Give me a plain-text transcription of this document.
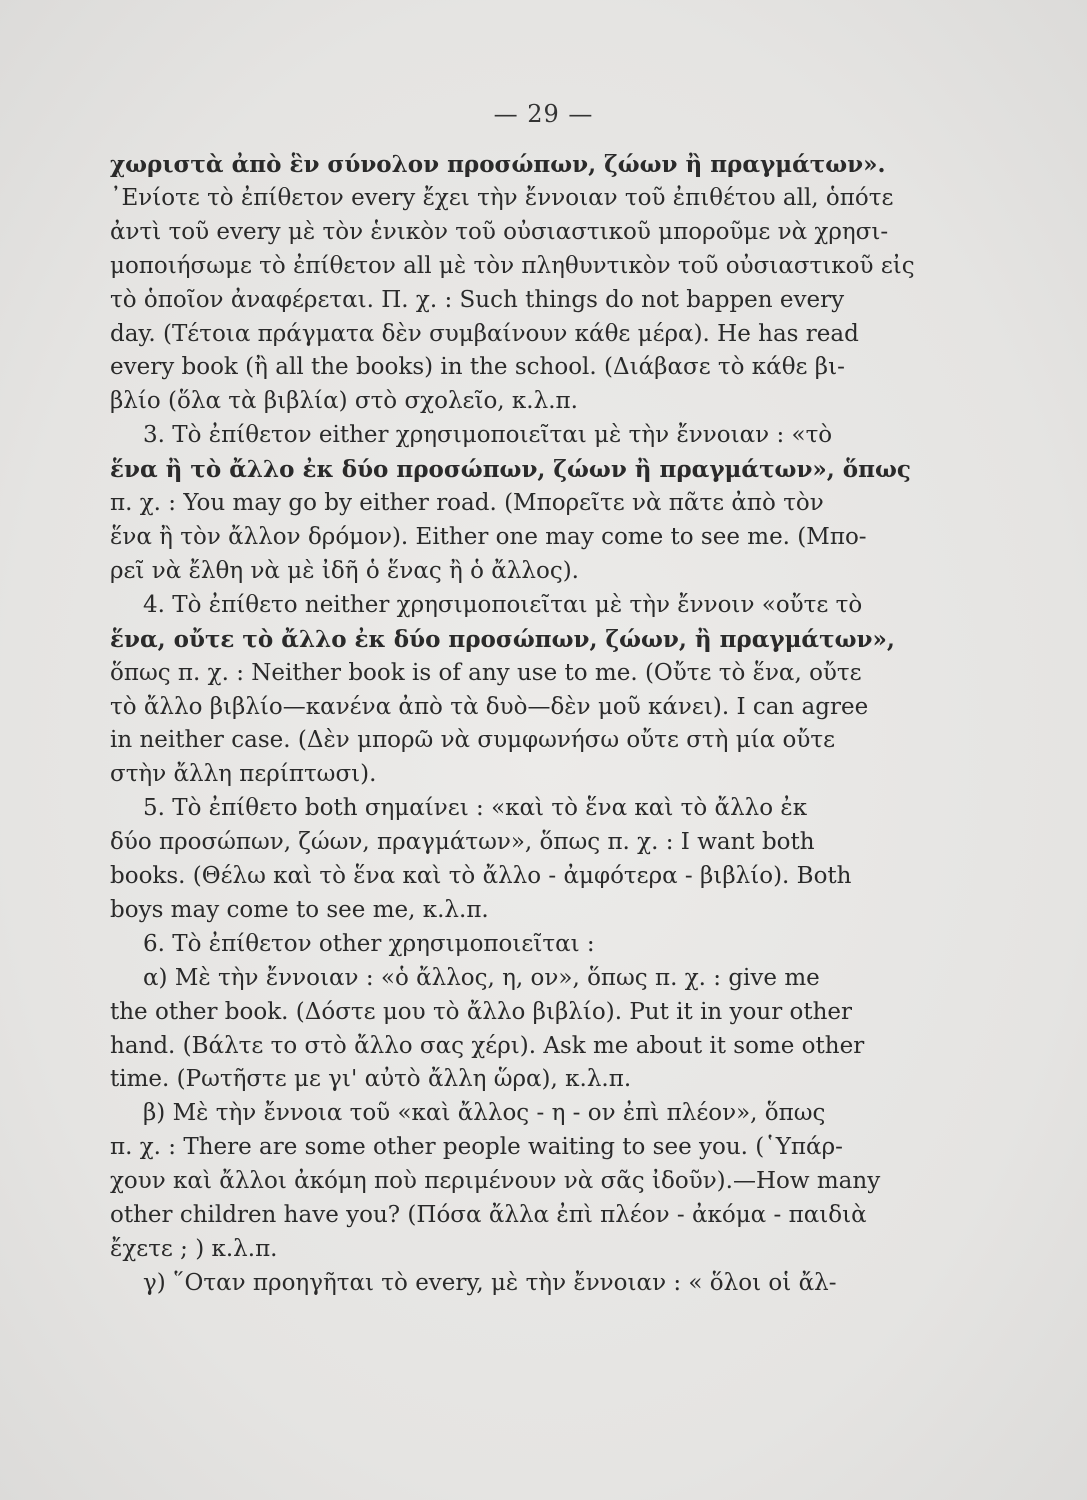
— 29 —

χωριστὰ ἀπὸ ἓν σύνολον προσώπων, ζώων ἢ πραγμάτων».

᾿Ενίοτε τὸ ἐπίθετον every ἔχει τὴν ἔννοιαν τοῦ ἐπιθέτου all, ὁπότε

ἀντὶ τοῦ every μὲ τὸν ἑνικὸν τοῦ οὐσιαστικοῦ μποροῦμε νὰ χρησι-

μοποιήσωμε τὸ ἐπίθετον all μὲ τὸν πληθυντικὸν τοῦ οὐσιαστικοῦ εἰς

τὸ ὁποῖον ἀναφέρεται. Π. χ. : Such things do not bappen every

day. (Τέτοια πράγματα δὲν συμβαίνουν κάθε μέρα). He has read

every book (ἢ all the books) in the school. (Διάβασε τὸ κάθε βι-

βλίο (ὅλα τὰ βιβλία) στὸ σχολεῖο, κ.λ.π.

3. Τὸ ἐπίθετον either χρησιμοποιεῖται μὲ τὴν ἔννοιαν : «τὸ

ἕνα ἢ τὸ ἄλλο ἐκ δύο προσώπων, ζώων ἢ πραγμάτων», ὅπως

π. χ. : You may go by either road. (Μπορεῖτε νὰ πᾶτε ἀπὸ τὸν

ἕνα ἢ τὸν ἄλλον δρόμον). Either one may come to see me. (Μπο-

ρεῖ νὰ ἔλθη νὰ μὲ ἰδῆ ὁ ἕνας ἢ ὁ ἄλλος).

4. Τὸ ἐπίθετο neither χρησιμοποιεῖται μὲ τὴν ἔννοιν «οὔτε τὸ

ἕνα, οὔτε τὸ ἄλλο ἐκ δύο προσώπων, ζώων, ἢ πραγμάτων»,

ὅπως π. χ. : Neither book is of any use to me. (Οὔτε τὸ ἕνα, οὔτε

τὸ ἄλλο βιβλίο—κανένα ἀπὸ τὰ δυὸ—δὲν μοῦ κάνει). I can agree

in neither case. (Δὲν μπορῶ νὰ συμφωνήσω οὔτε στὴ μία οὔτε

στὴν ἄλλη περίπτωσι).

5. Τὸ ἐπίθετο both σημαίνει : «καὶ τὸ ἕνα καὶ τὸ ἄλλο ἐκ

δύο προσώπων, ζώων, πραγμάτων», ὅπως π. χ. : I want both

books. (Θέλω καὶ τὸ ἕνα καὶ τὸ ἄλλο - ἀμφότερα - βιβλίο). Both

boys may come to see me, κ.λ.π.

6. Τὸ ἐπίθετον other χρησιμοποιεῖται :

α) Μὲ τὴν ἔννοιαν : «ὁ ἄλλος, η, ον», ὅπως π. χ. : give me

the other book. (Δόστε μου τὸ ἄλλο βιβλίο). Put it in your other

hand. (Βάλτε το στὸ ἄλλο σας χέρι). Ask me about it some other

time. (Ρωτῆστε με γι' αὐτὸ ἄλλη ὥρα), κ.λ.π.

β) Μὲ τὴν ἔννοια τοῦ «καὶ ἄλλος - η - ον ἐπὶ πλέον», ὅπως

π. χ. : There are some other people waiting to see you. (῾Υπάρ-

χουν καὶ ἄλλοι ἀκόμη ποὺ περιμένουν νὰ σᾶς ἰδοῦν).—How many

other children have you? (Πόσα ἄλλα ἐπὶ πλέον - ἀκόμα - παιδιὰ

ἔχετε ; ) κ.λ.π.

γ) ῞Οταν προηγῆται τὸ every, μὲ τὴν ἔννοιαν : « ὅλοι οἱ ἄλ-
